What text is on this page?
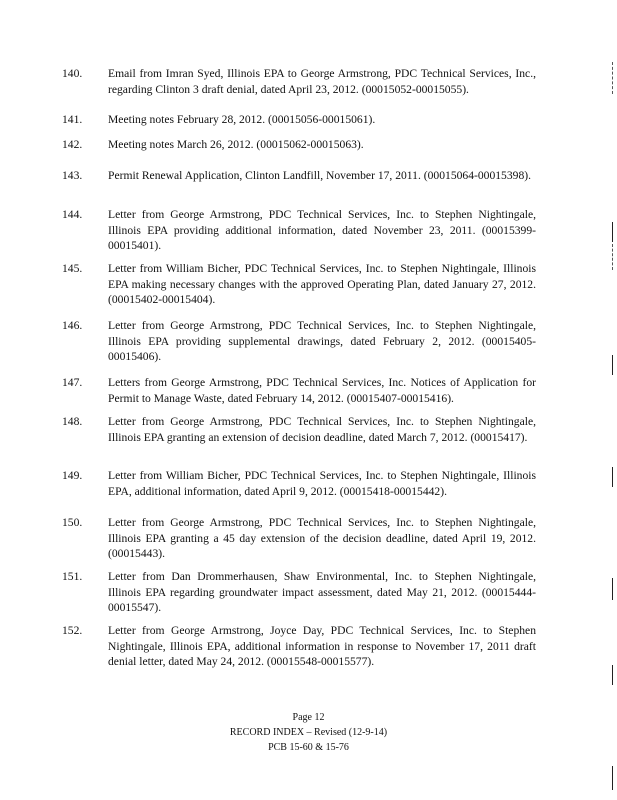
140.	Email from Imran Syed, Illinois EPA to George Armstrong, PDC Technical Services, Inc., regarding Clinton 3 draft denial, dated April 23, 2012. (00015052-00015055).
141.	Meeting notes February 28, 2012. (00015056-00015061).
142.	Meeting notes March 26, 2012. (00015062-00015063).
143.	Permit Renewal Application, Clinton Landfill, November 17, 2011. (00015064-00015398).
144.	Letter from George Armstrong, PDC Technical Services, Inc. to Stephen Nightingale, Illinois EPA providing additional information, dated November 23, 2011. (00015399-00015401).
145.	Letter from William Bicher, PDC Technical Services, Inc. to Stephen Nightingale, Illinois EPA making necessary changes with the approved Operating Plan, dated January 27, 2012. (00015402-00015404).
146.	Letter from George Armstrong, PDC Technical Services, Inc. to Stephen Nightingale, Illinois EPA providing supplemental drawings, dated February 2, 2012. (00015405-00015406).
147.	Letters from George Armstrong, PDC Technical Services, Inc. Notices of Application for Permit to Manage Waste, dated February 14, 2012. (00015407-00015416).
148.	Letter from George Armstrong, PDC Technical Services, Inc. to Stephen Nightingale, Illinois EPA granting an extension of decision deadline, dated March 7, 2012. (00015417).
149.	Letter from William Bicher, PDC Technical Services, Inc. to Stephen Nightingale, Illinois EPA, additional information, dated April 9, 2012. (00015418-00015442).
150.	Letter from George Armstrong, PDC Technical Services, Inc. to Stephen Nightingale, Illinois EPA granting a 45 day extension of the decision deadline, dated April 19, 2012. (00015443).
151.	Letter from Dan Drommerhausen, Shaw Environmental, Inc. to Stephen Nightingale, Illinois EPA regarding groundwater impact assessment, dated May 21, 2012. (00015444-00015547).
152.	Letter from George Armstrong, Joyce Day, PDC Technical Services, Inc. to Stephen Nightingale, Illinois EPA, additional information in response to November 17, 2011 draft denial letter, dated May 24, 2012. (00015548-00015577).
Page 12
RECORD INDEX – Revised (12-9-14)
PCB 15-60 & 15-76
